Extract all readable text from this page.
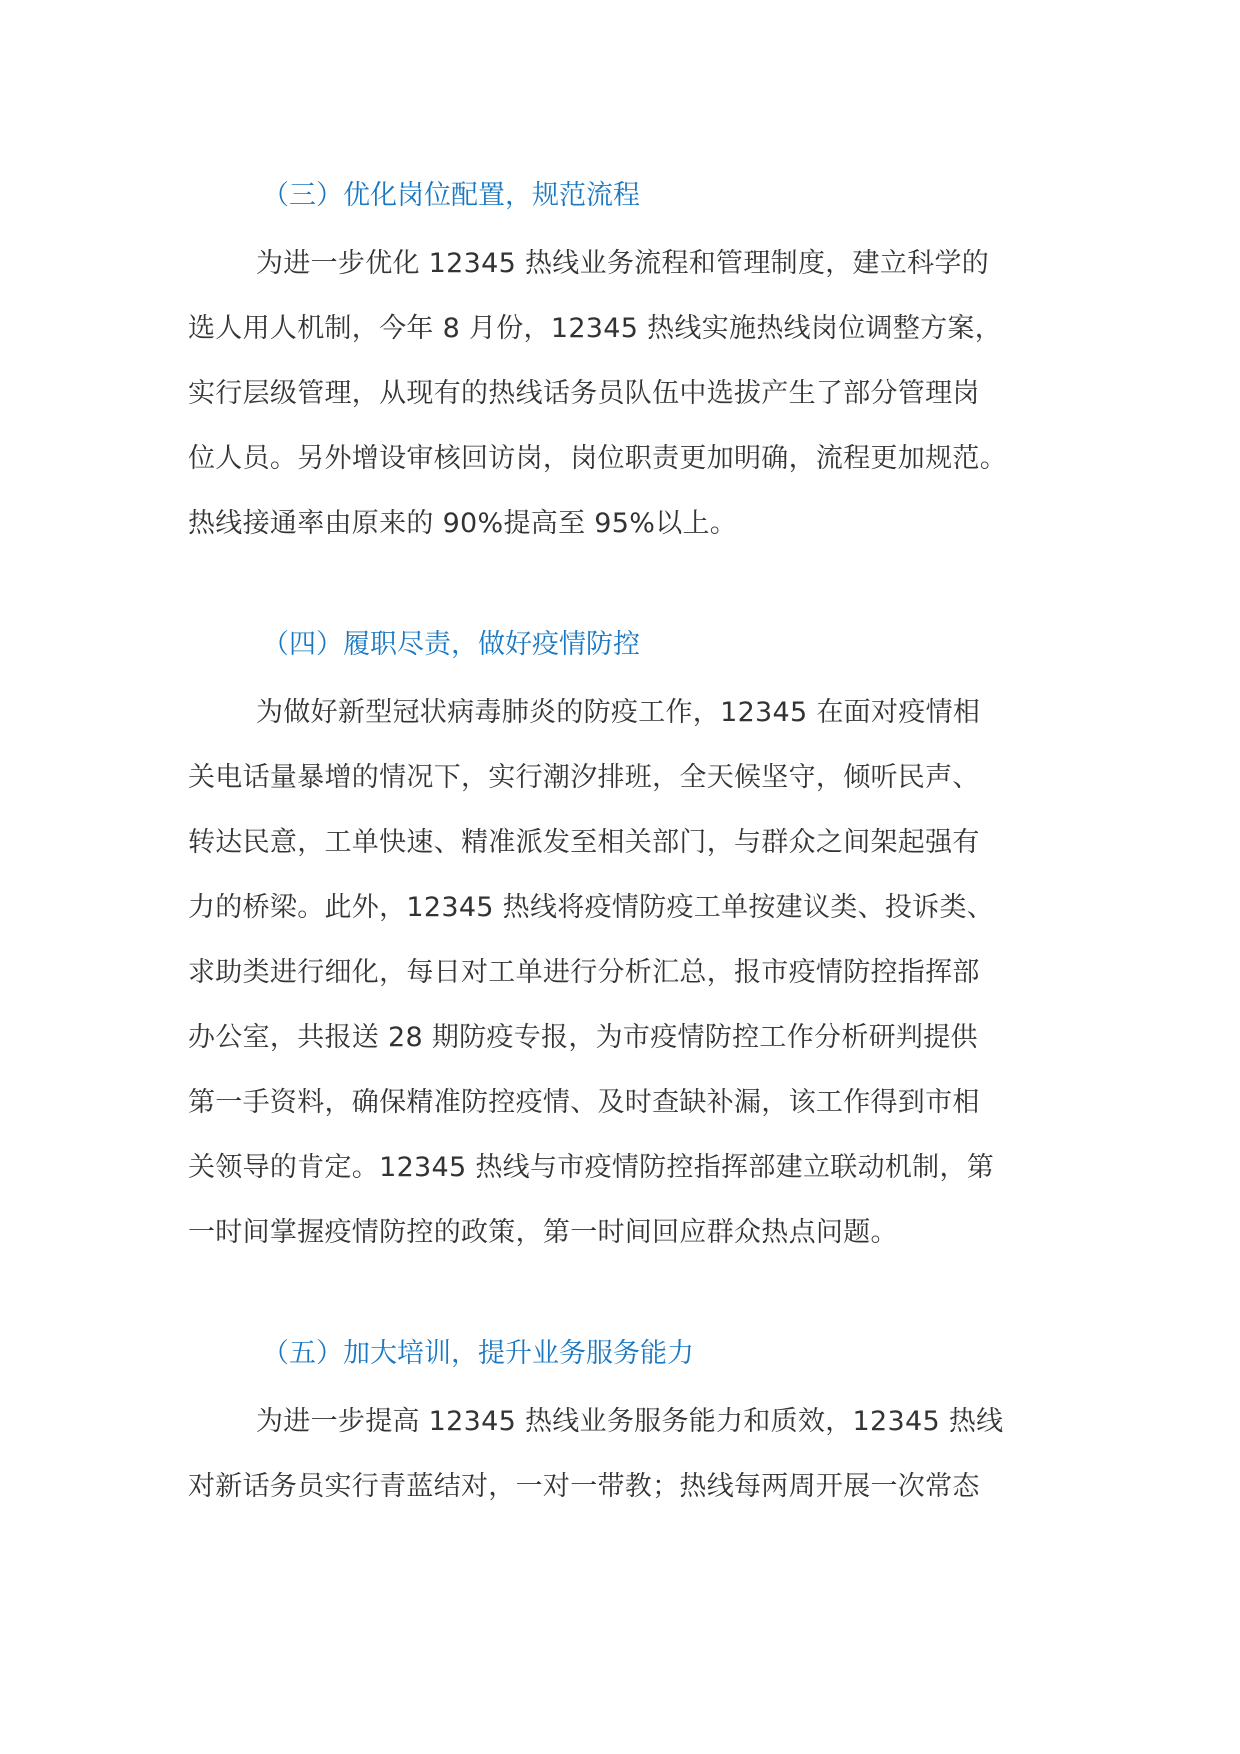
（三）优化岗位配置，规范流程
为进一步优化 12345 热线业务流程和管理制度，建立科学的
选人用人机制，今年 8 月份，12345 热线实施热线岗位调整方案，
实行层级管理，从现有的热线话务员队伍中选拔产生了部分管理岗
位人员。另外增设审核回访岗，岗位职责更加明确，流程更加规范。
热线接通率由原来的 90%提高至 95%以上。
（四）履职尽责，做好疫情防控
为做好新型冠状病毒肺炎的防疫工作，12345 在面对疫情相
关电话量暴增的情况下，实行潮汐排班，全天候坚守，倾听民声、
转达民意，工单快速、精准派发至相关部门，与群众之间架起强有
力的桥梁。此外，12345 热线将疫情防疫工单按建议类、投诉类、
求助类进行细化，每日对工单进行分析汇总，报市疫情防控指挥部
办公室，共报送 28 期防疫专报，为市疫情防控工作分析研判提供
第一手资料，确保精准防控疫情、及时查缺补漏，该工作得到市相
关领导的肯定。12345 热线与市疫情防控指挥部建立联动机制，第
一时间掌握疫情防控的政策，第一时间回应群众热点问题。
（五）加大培训，提升业务服务能力
为进一步提高 12345 热线业务服务能力和质效，12345 热线
对新话务员实行青蓝结对，一对一带教；热线每两周开展一次常态
